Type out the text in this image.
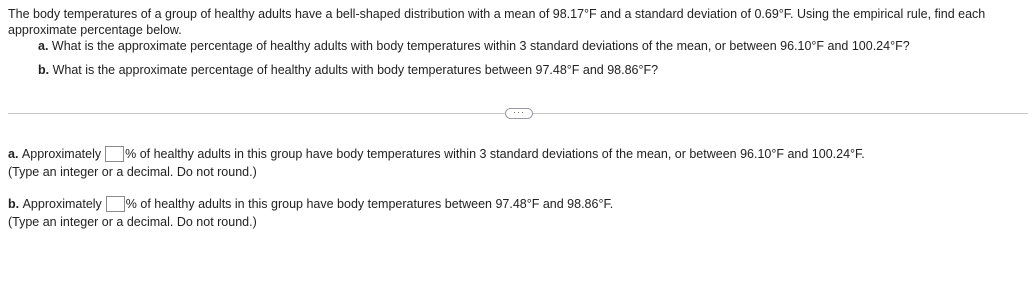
The body temperatures of a group of healthy adults have a bell-shaped distribution with a mean of 98.17°F and a standard deviation of 0.69°F. Using the empirical rule, find each approximate percentage below.

a. What is the approximate percentage of healthy adults with body temperatures within 3 standard deviations of the mean, or between 96.10°F and 100.24°F?

b. What is the approximate percentage of healthy adults with body temperatures between 97.48°F and 98.86°F?

···
a.
Approximately % of healthy adults in this group have body temperatures within 3 standard deviations of the mean, or between 96.10°F and 100.24°F.
(Type an integer or a decimal. Do not round.)
b.
Approximately % of healthy adults in this group have body temperatures between 97.48°F and 98.86°F.
(Type an integer or a decimal. Do not round.)
